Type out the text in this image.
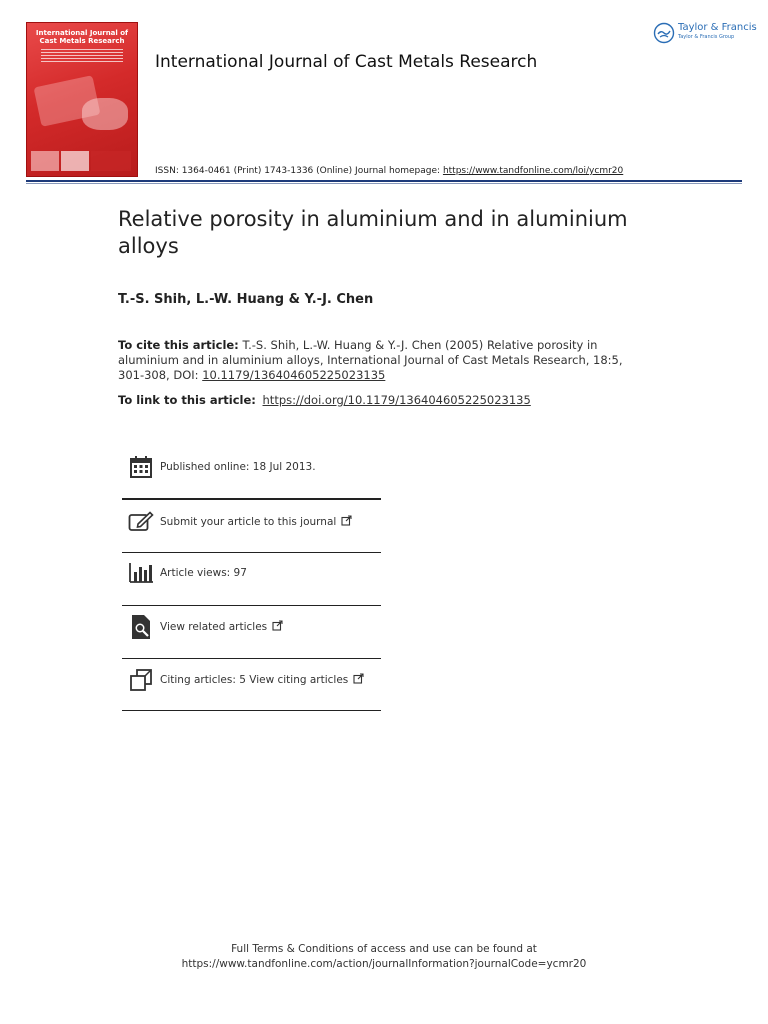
International Journal of Cast Metals Research
International Journal of Cast Metals Research
Taylor & Francis
Taylor & Francis Group
ISSN: 1364-0461 (Print) 1743-1336 (Online) Journal homepage: https://www.tandfonline.com/loi/ycmr20
Relative porosity in aluminium and in aluminium alloys
T.-S. Shih, L.-W. Huang & Y.-J. Chen
To cite this article: T.-S. Shih, L.-W. Huang & Y.-J. Chen (2005) Relative porosity in aluminium and in aluminium alloys, International Journal of Cast Metals Research, 18:5, 301-308, DOI: 10.1179/136404605225023135
To link to this article: https://doi.org/10.1179/136404605225023135
Published online: 18 Jul 2013.
Submit your article to this journal
Article views: 97
View related articles
Citing articles: 5 View citing articles
Full Terms & Conditions of access and use can be found at
https://www.tandfonline.com/action/journalInformation?journalCode=ycmr20
